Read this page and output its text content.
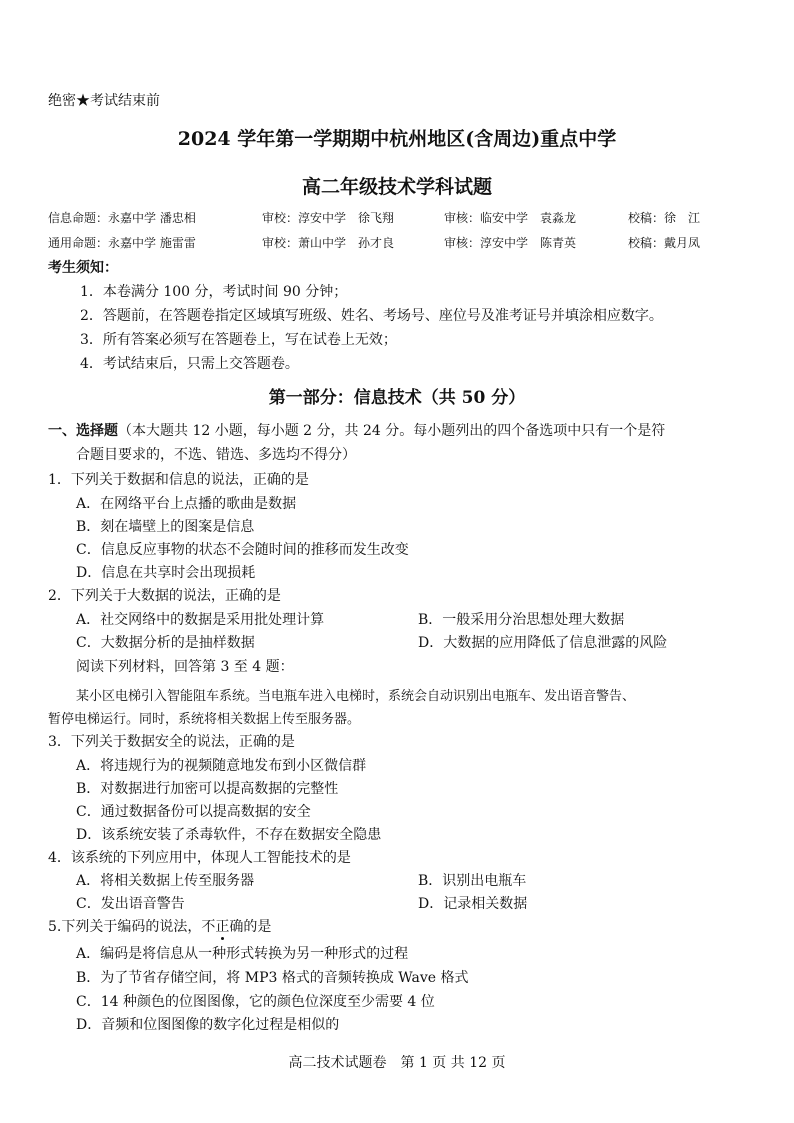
绝密★考试结束前
2024 学年第一学期期中杭州地区(含周边)重点中学
高二年级技术学科试题
信息命题：永嘉中学 潘忠相	审校：淳安中学　徐飞翔	审核：临安中学　袁淼龙	校稿：徐　江
通用命题：永嘉中学 施雷雷	审校：萧山中学　孙才良	审核：淳安中学　陈青英	校稿：戴月凤
考生须知：
1．本卷满分 100 分，考试时间 90 分钟；
2．答题前，在答题卷指定区域填写班级、姓名、考场号、座位号及准考证号并填涂相应数字。
3．所有答案必须写在答题卷上，写在试卷上无效；
4．考试结束后，只需上交答题卷。
第一部分：信息技术（共 50 分）
一、选择题（本大题共 12 小题，每小题 2 分，共 24 分。每小题列出的四个备选项中只有一个是符
合题目要求的，不选、错选、多选均不得分）
1．下列关于数据和信息的说法，正确的是
A．在网络平台上点播的歌曲是数据
B．刻在墙壁上的图案是信息
C．信息反应事物的状态不会随时间的推移而发生改变
D．信息在共享时会出现损耗
2．下列关于大数据的说法，正确的是
A．社交网络中的数据是采用批处理计算	B．一般采用分治思想处理大数据
C．大数据分析的是抽样数据	D．大数据的应用降低了信息泄露的风险
阅读下列材料，回答第 3 至 4 题：
某小区电梯引入智能阻车系统。当电瓶车进入电梯时，系统会自动识别出电瓶车、发出语音警告、
暂停电梯运行。同时，系统将相关数据上传至服务器。
3．下列关于数据安全的说法，正确的是
A．将违规行为的视频随意地发布到小区微信群
B．对数据进行加密可以提高数据的完整性
C．通过数据备份可以提高数据的安全
D．该系统安装了杀毒软件，不存在数据安全隐患
4．该系统的下列应用中，体现人工智能技术的是
A．将相关数据上传至服务器	B．识别出电瓶车
C．发出语音警告	D．记录相关数据
5.下列关于编码的说法，不正确的是
A．编码是将信息从一种形式转换为另一种形式的过程
B．为了节省存储空间，将 MP3 格式的音频转换成 Wave 格式
C．14 种颜色的位图图像，它的颜色位深度至少需要 4 位
D．音频和位图图像的数字化过程是相似的
高二技术试题卷　第 1 页 共 12 页
